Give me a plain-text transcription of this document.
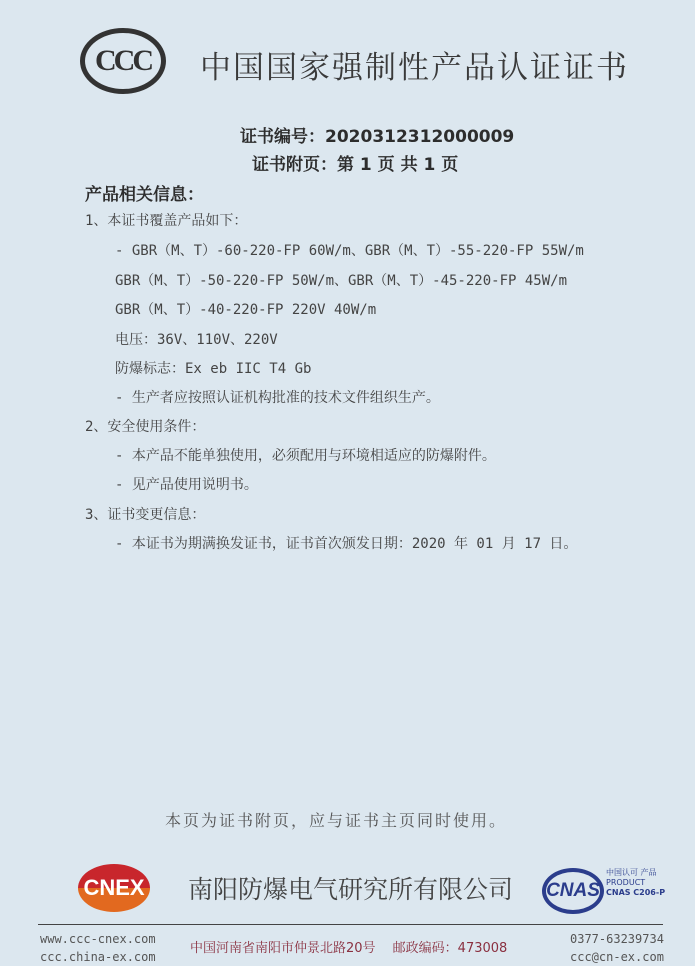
CCC 中国国家强制性产品认证证书
证书编号：2020312312000009
证书附页：第 1 页 共 1 页
产品相关信息：
1、本证书覆盖产品如下：
- GBR（M、T）-60-220-FP 60W/m、GBR（M、T）-55-220-FP 55W/m
GBR（M、T）-50-220-FP 50W/m、GBR（M、T）-45-220-FP 45W/m
GBR（M、T）-40-220-FP 220V 40W/m
电压：36V、110V、220V
防爆标志：Ex eb IIC T4 Gb
- 生产者应按照认证机构批准的技术文件组织生产。
2、安全使用条件：
- 本产品不能单独使用，必须配用与环境相适应的防爆附件。
- 见产品使用说明书。
3、证书变更信息：
- 本证书为期满换发证书，证书首次颁发日期：2020 年 01 月 17 日。
本页为证书附页，应与证书主页同时使用。
CNEX 南阳防爆电气研究所有限公司 CNAS
中国认可 产品
PRODUCT
CNAS C206-P
www.ccc-cnex.com
ccc.china-ex.com
中国河南省南阳市仲景北路20号　 邮政编码：473008
0377-63239734
ccc@cn-ex.com
